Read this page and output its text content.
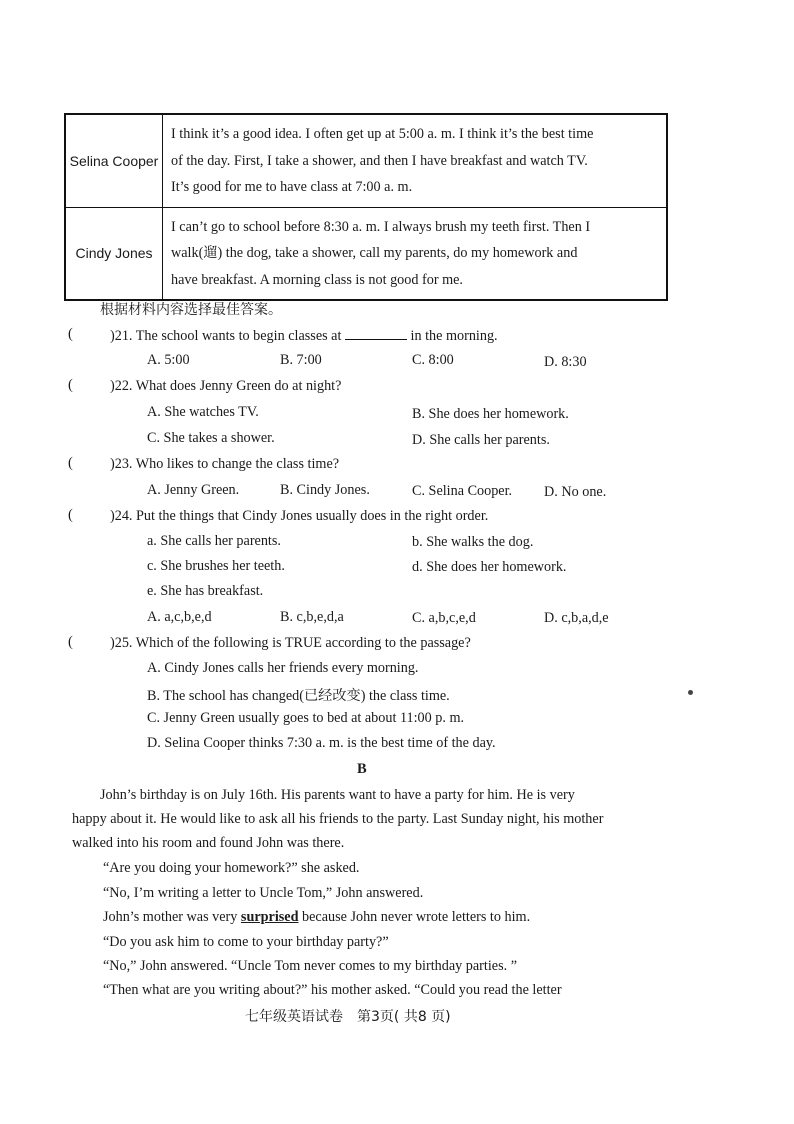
Selina Cooper	I think it’s a good idea. I often get up at 5:00 a. m. I think it’s the best time
of the day. First, I take a shower, and then I have breakfast and watch TV.
It’s good for me to have class at 7:00 a. m.

Cindy Jones	I can’t go to school before 8:30 a. m. I always brush my teeth first. Then I
walk(遛) the dog, take a shower, call my parents, do my homework and
have breakfast. A morning class is not good for me.
根据材料内容选择最佳答案。
(	)21. The school wants to begin classes at	in the morning.
A. 5:00	B. 7:00	C. 8:00	D. 8:30
(	)22. What does Jenny Green do at night?
A. She watches TV.	B. She does her homework.
C. She takes a shower.	D. She calls her parents.
(	)23. Who likes to change the class time?
A. Jenny Green.	B. Cindy Jones.	C. Selina Cooper. D. No one.
(	)24. Put the things that Cindy Jones usually does in the right order.
a. She calls her parents.	b. She walks the dog.
c. She brushes her teeth.	d. She does her homework.
e. She has breakfast.
A. a,c,b,e,d	B. c,b,e,d,a	C. a,b,c,e,d	D. c,b,a,d,e
(	)25. Which of the following is TRUE according to the passage?
A. Cindy Jones calls her friends every morning.
B. The school has changed(已经改变) the class time.
C. Jenny Green usually goes to bed at about 11:00 p. m.
D. Selina Cooper thinks 7:30 a. m. is the best time of the day.
B
John’s birthday is on July 16th. His parents want to have a party for him. He is very
happy about it. He would like to ask all his friends to the party. Last Sunday night, his mother
walked into his room and found John was there.
“Are you doing your homework?” she asked.
“No, I’m writing a letter to Uncle Tom,” John answered.
John’s mother was very surprised because John never wrote letters to him.
“Do you ask him to come to your birthday party?”
“No,” John answered. “Uncle Tom never comes to my birthday parties. ”
“Then what are you writing about?” his mother asked. “Could you read the letter
七年级英语试卷　第3页( 共8 页)
